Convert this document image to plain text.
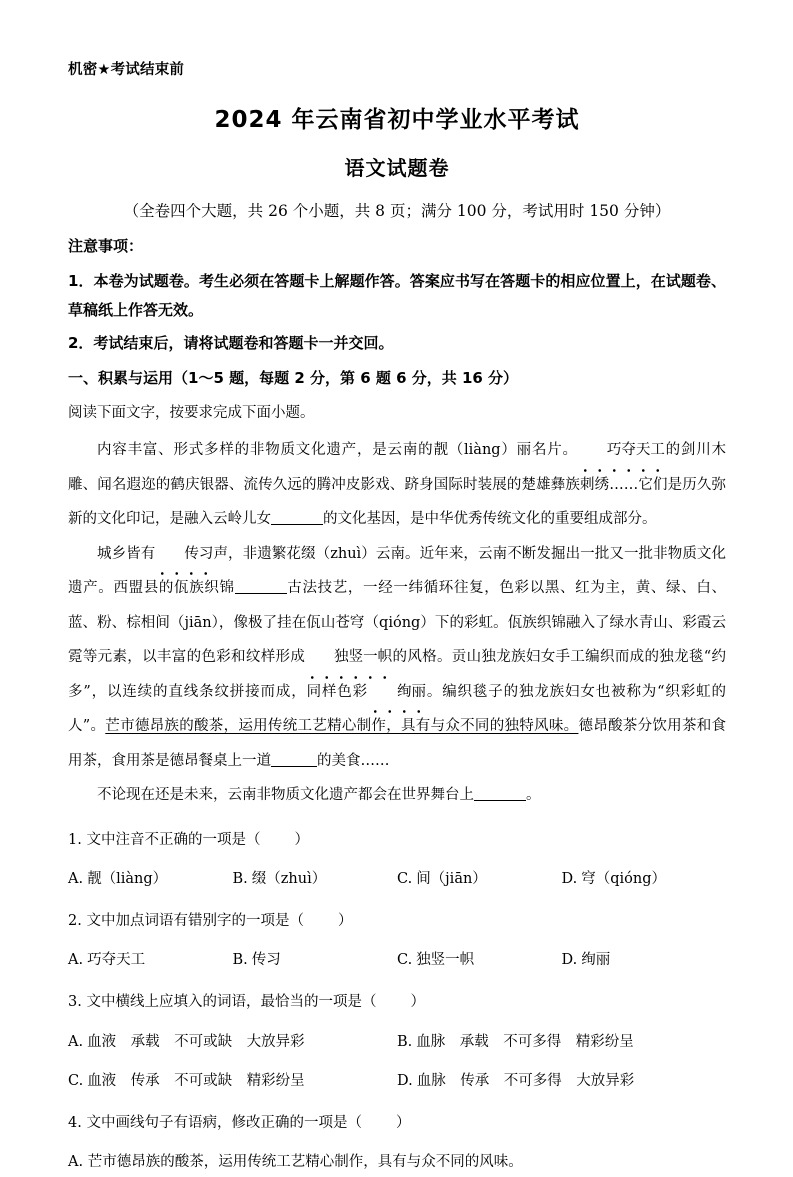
机密★考试结束前
2024 年云南省初中学业水平考试
语文试题卷
（全卷四个大题，共 26 个小题，共 8 页；满分 100 分，考试用时 150 分钟）
注意事项：
1．本卷为试题卷。考生必须在答题卡上解题作答。答案应书写在答题卡的相应位置上，在试题卷、草稿纸上作答无效。
2．考试结束后，请将试题卷和答题卡一并交回。
一、积累与运用（1～5 题，每题 2 分，第 6 题 6 分，共 16 分）
阅读下面文字，按要求完成下面小题。

内容丰富、形式多样的非物质文化遗产，是云南的靓（liàng）丽名片。 巧夺天工的剑川木雕、闻名遐迩的鹤庆银器、流传久远的腾冲皮影戏、跻身国际时装展的楚雄彝族刺绣……它们是历久弥新的文化印记，是融入云岭儿女	的文化基因，是中华优秀传统文化的重要组成部分。

城乡皆有 传习声，非遗繁花缀（zhuì）云南。近年来，云南不断发掘出一批又一批非物质文化遗产。西盟县的佤族织锦	古法技艺，一经一纬循环往复，色彩以黑、红为主，黄、绿、白、蓝、粉、棕相间（jiān），像极了挂在佤山苍穹（qióng）下的彩虹。佤族织锦融入了绿水青山、彩霞云霓等元素，以丰富的色彩和纹样形成 独竖一帜的风格。贡山独龙族妇女手工编织而成的独龙毯“约多”，以连续的直线条纹拼接而成，同样色彩 绚丽。编织毯子的独龙族妇女也被称为“织彩虹的人”。芒市德昂族的酸茶，运用传统工艺精心制作，具有与众不同的独特风味。德昂酸茶分饮用茶和食用茶，食用茶是德昂餐桌上一道	的美食……

不论现在还是未来，云南非物质文化遗产都会在世界舞台上	。

1. 文中注音不正确的一项是（ ）
A. 靓（liàng）	B. 缀（zhuì）	C. 间（jiān）	D. 穹（qióng）
2. 文中加点词语有错别字的一项是（ ）
A. 巧夺天工	B. 传习	C. 独竖一帜	D. 绚丽
3. 文中横线上应填入的词语，最恰当的一项是（ ）
A. 血液　承载　不可或缺　大放异彩	B. 血脉　承载　不可多得　精彩纷呈
C. 血液　传承　不可或缺　精彩纷呈	D. 血脉　传承　不可多得　大放异彩
4. 文中画线句子有语病，修改正确的一项是（ ）
A. 芒市德昂族的酸茶，运用传统工艺精心制作，具有与众不同的风味。
